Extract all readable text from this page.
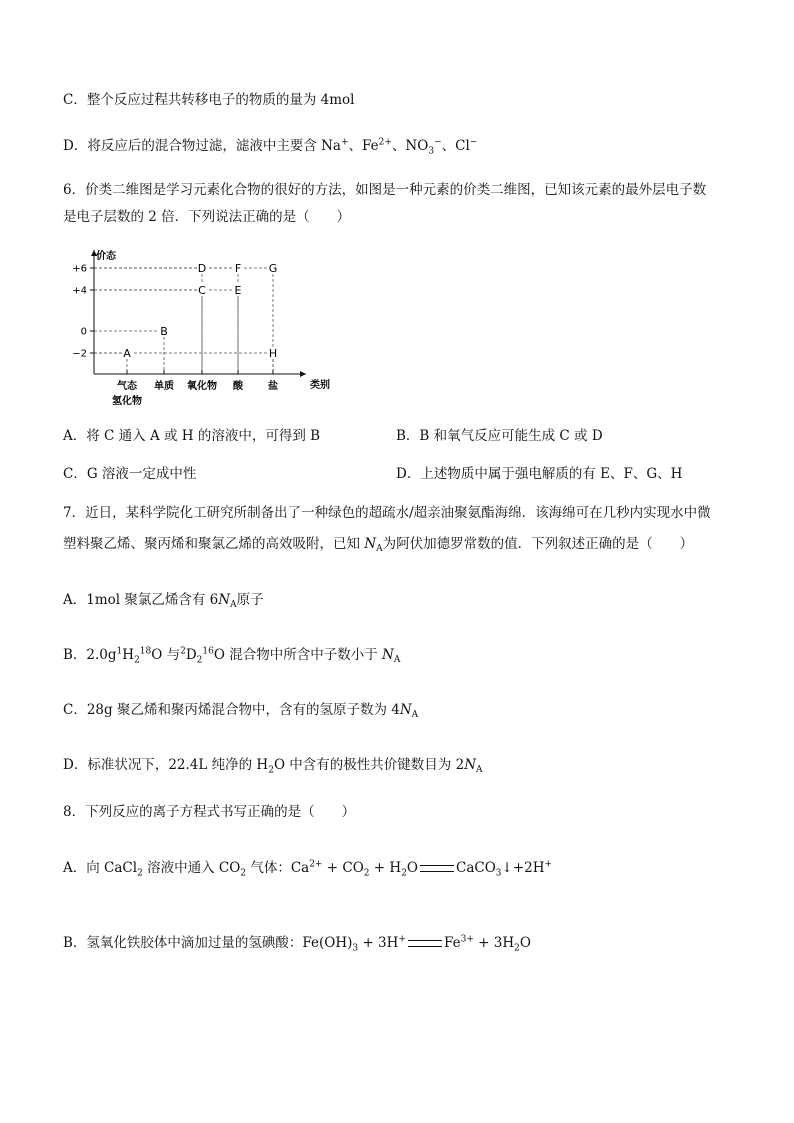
C．整个反应过程共转移电子的物质的量为 4mol
D．将反应后的混合物过滤，滤液中主要含 Na+、$Fe^{2+}$、$NO_3^-$、Cl−
6．价类二维图是学习元素化合物的很好的方法，如图是一种元素的价类二维图，已知该元素的最外层电子数
是电子层数的 2 倍．下列说法正确的是（　　）
价态
类别
+6
+4
0
−2
气态
氢化物
单质 氧化物 酸	盐
A
B
C
D
E
F	G
H
A．将 C 通入 A 或 H 的溶液中，可得到 B	B．B 和氧气反应可能生成 C 或 D
C．G 溶液一定成中性	D．上述物质中属于强电解质的有 E、F、G、H
7．近日，某科学院化工研究所制备出了一种绿色的超疏水/超亲油聚氨酯海绵．该海绵可在几秒内实现水中微
塑料聚乙烯、聚丙烯和聚氯乙烯的高效吸附，已知 $N_A$为阿伏加德罗常数的值．下列叙述正确的是（　　）
A．1mol 聚氯乙烯含有 $6N_A$原子
B．$2.0g^1H_2^{18}O$ 与$^2D_2^{16}O$ 混合物中所含中子数小于 $N_A$
C．28g 聚乙烯和聚丙烯混合物中，含有的氢原子数为 $4N_A$
D．标准状况下，22.4L 纯净的 $H_2O$ 中含有的极性共价键数目为 $2N_A$
8．下列反应的离子方程式书写正确的是（　　）
A．向 CaCl$_2$ 溶液中通入 $CO_2$ 气体：$Ca^{2+} + CO_2 + H_2O$	CaCO$_3$↓+2H+
B．氢氧化铁胶体中滴加过量的氢碘酸：$Fe(OH)_3 + 3H^+$	$Fe^{3+} + 3H_2O$
